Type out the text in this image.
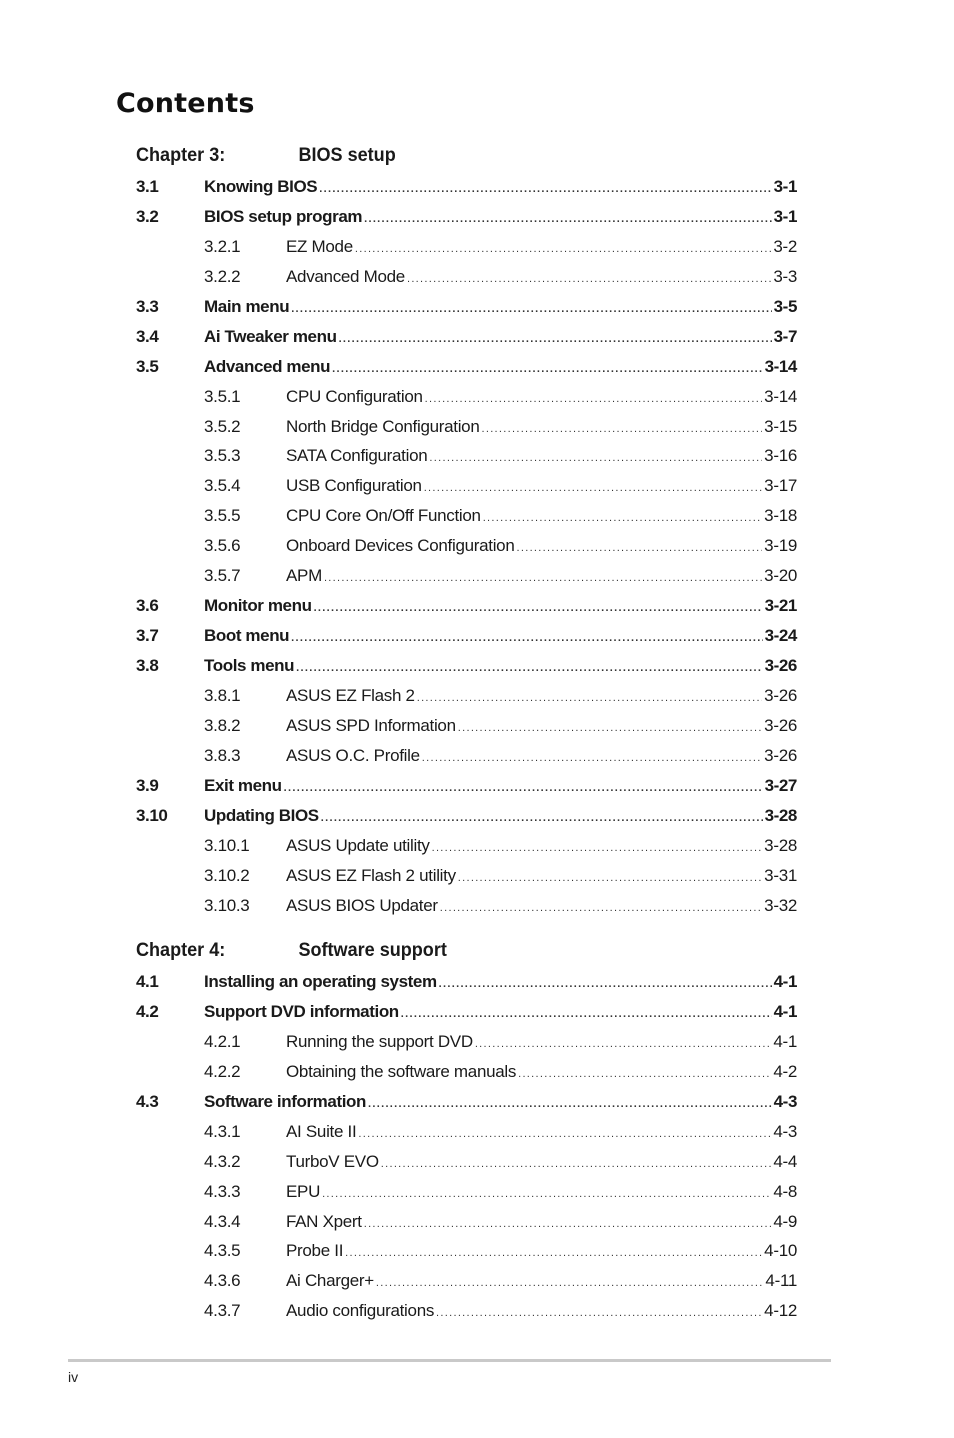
Contents
Chapter 3:	BIOS setup
3.1	Knowing BIOS .....	3-1
3.2	BIOS setup program .....	3-1
3.2.1	EZ Mode .....	3-2
3.2.2	Advanced Mode .....	3-3
3.3	Main menu .....	3-5
3.4	Ai Tweaker menu .....	3-7
3.5	Advanced menu .....	3-14
3.5.1	CPU Configuration .....	3-14
3.5.2	North Bridge Configuration .....	3-15
3.5.3	SATA Configuration .....	3-16
3.5.4	USB Configuration .....	3-17
3.5.5	CPU Core On/Off Function .....	3-18
3.5.6	Onboard Devices Configuration .....	3-19
3.5.7	APM .....	3-20
3.6	Monitor menu .....	3-21
3.7	Boot menu .....	3-24
3.8	Tools menu .....	3-26
3.8.1	ASUS EZ Flash 2 .....	3-26
3.8.2	ASUS SPD Information .....	3-26
3.8.3	ASUS O.C. Profile .....	3-26
3.9	Exit menu .....	3-27
3.10 Updating BIOS .....	3-28
3.10.1 ASUS Update utility .....	3-28
3.10.2 ASUS EZ Flash 2 utility .....	3-31
3.10.3 ASUS BIOS Updater .....	3-32
Chapter 4:	Software support
4.1	Installing an operating system .....	4-1
4.2	Support DVD information .....	4-1
4.2.1	Running the support DVD .....	4-1
4.2.2	Obtaining the software manuals .....	4-2
4.3	Software information .....	4-3
4.3.1	AI Suite II .....	4-3
4.3.2	TurboV EVO .....	4-4
4.3.3	EPU .....	4-8
4.3.4	FAN Xpert .....	4-9
4.3.5	Probe II .....	4-10
4.3.6	Ai Charger+ .....	4-11
4.3.7	Audio configurations .....	4-12
iv
